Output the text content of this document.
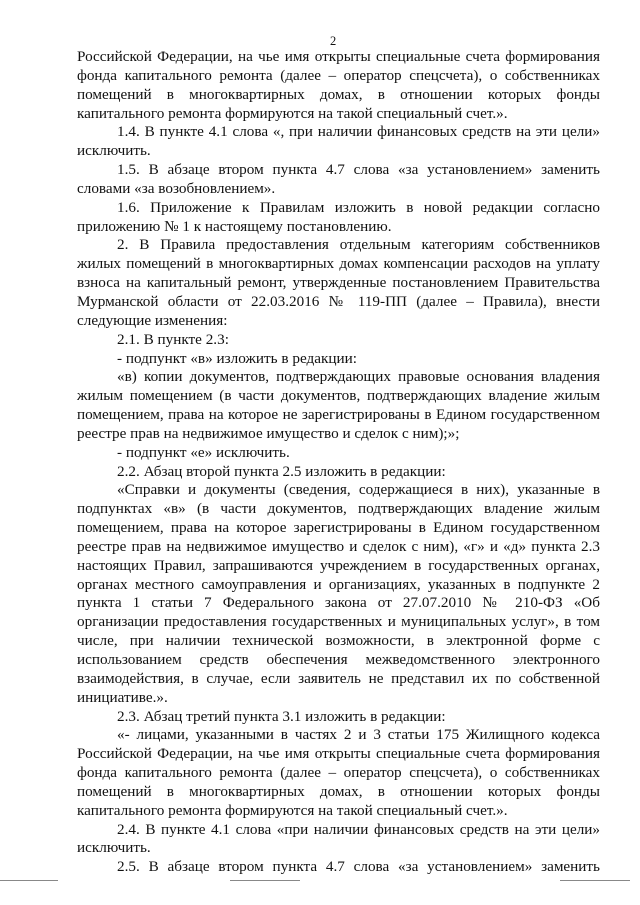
2

Российской Федерации, на чье имя открыты специальные счета формирования фонда капитального ремонта (далее – оператор спецсчета), о собственниках помещений в многоквартирных домах, в отношении которых фонды капитального ремонта формируются на такой специальный счет.».

1.4. В пункте 4.1 слова «, при наличии финансовых средств на эти цели» исключить.

1.5. В абзаце втором пункта 4.7 слова «за установлением» заменить словами «за возобновлением».

1.6. Приложение к Правилам изложить в новой редакции согласно приложению № 1 к настоящему постановлению.

2. В Правила предоставления отдельным категориям собственников жилых помещений в многоквартирных домах компенсации расходов на уплату взноса на капитальный ремонт, утвержденные постановлением Правительства Мурманской области от 22.03.2016 № 119-ПП (далее – Правила), внести следующие изменения:

2.1. В пункте 2.3:

- подпункт «в» изложить в редакции:

«в) копии документов, подтверждающих правовые основания владения жилым помещением (в части документов, подтверждающих владение жилым помещением, права на которое не зарегистрированы в Едином государственном реестре прав на недвижимое имущество и сделок с ним);»;

- подпункт «е» исключить.

2.2. Абзац второй пункта 2.5 изложить в редакции:

«Справки и документы (сведения, содержащиеся в них), указанные в подпунктах «в» (в части документов, подтверждающих владение жилым помещением, права на которое зарегистрированы в Едином государственном реестре прав на недвижимое имущество и сделок с ним), «г» и «д» пункта 2.3 настоящих Правил, запрашиваются учреждением в государственных органах, органах местного самоуправления и организациях, указанных в подпункте 2 пункта 1 статьи 7 Федерального закона от 27.07.2010 № 210-ФЗ «Об организации предоставления государственных и муниципальных услуг», в том числе, при наличии технической возможности, в электронной форме с использованием средств обеспечения межведомственного электронного взаимодействия, в случае, если заявитель не представил их по собственной инициативе.».

2.3. Абзац третий пункта 3.1 изложить в редакции:

«- лицами, указанными в частях 2 и 3 статьи 175 Жилищного кодекса Российской Федерации, на чье имя открыты специальные счета формирования фонда капитального ремонта (далее – оператор спецсчета), о собственниках помещений в многоквартирных домах, в отношении которых фонды капитального ремонта формируются на такой специальный счет.».

2.4. В пункте 4.1 слова «при наличии финансовых средств на эти цели» исключить.

2.5. В абзаце втором пункта 4.7 слова «за установлением» заменить
